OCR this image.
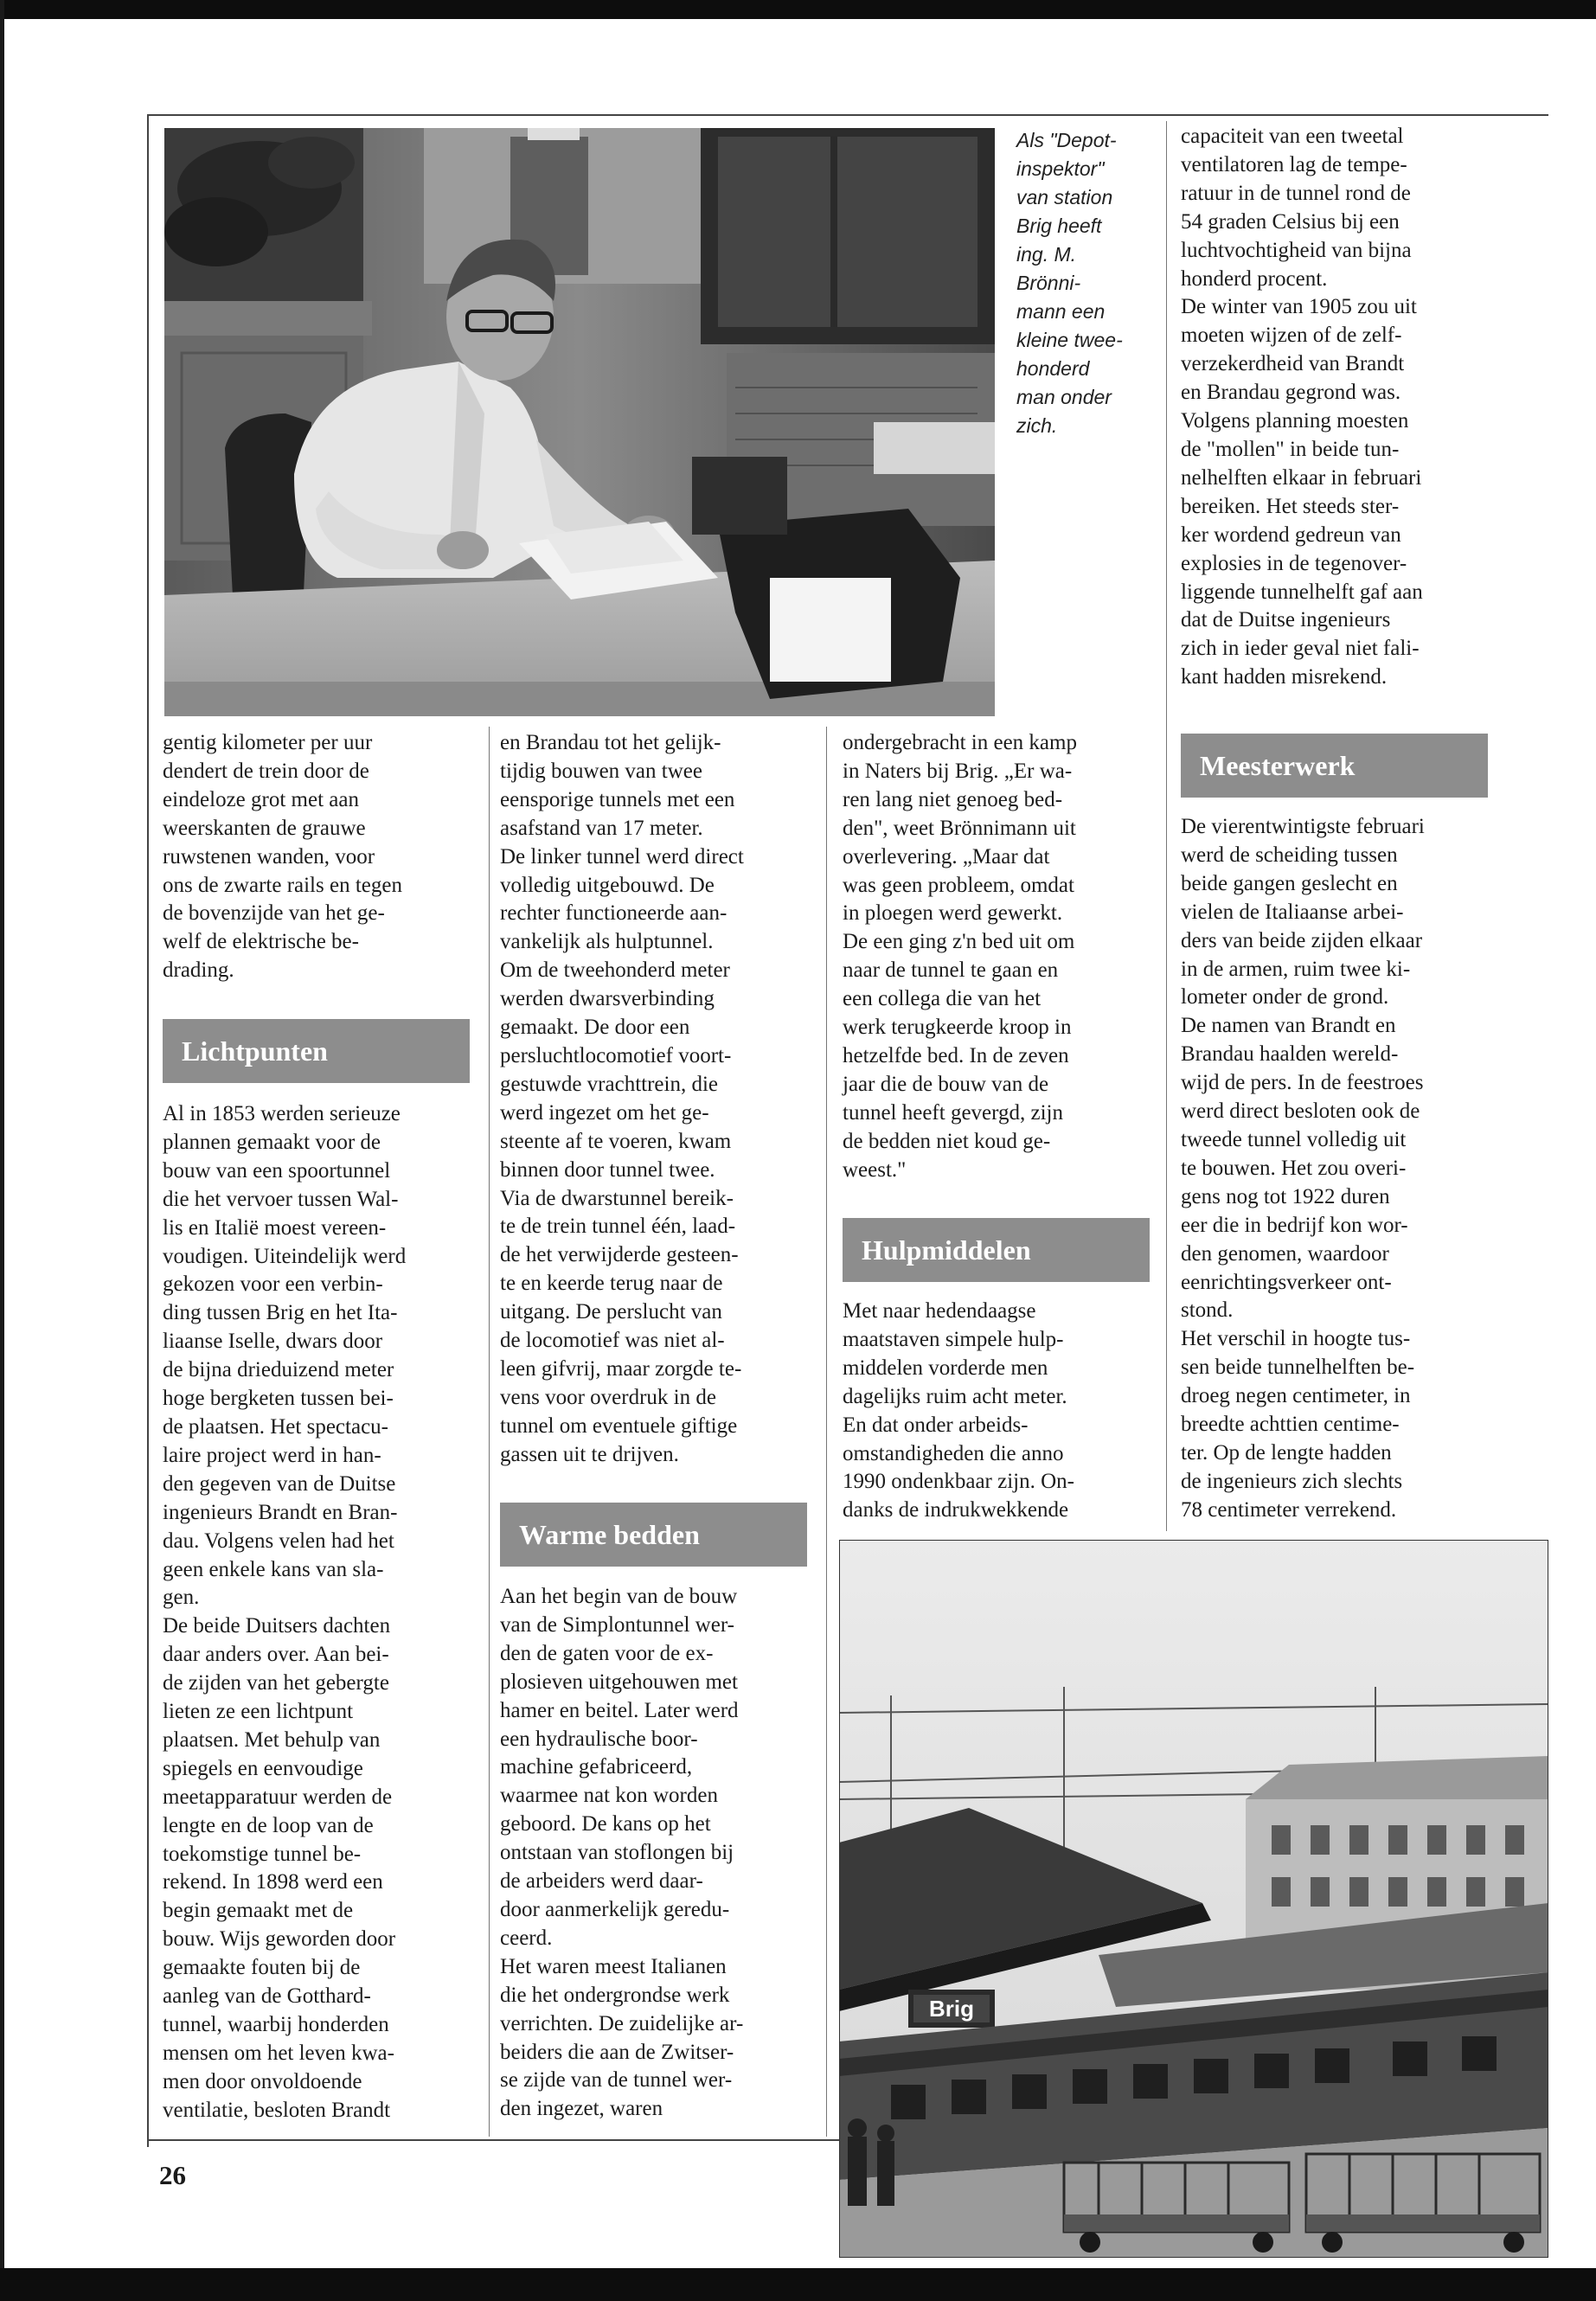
Als "Depot-
inspektor"
van station
Brig heeft
ing. M.
Brönni-
mann een
kleine twee-
honderd
man onder
zich.
capaciteit van een tweetal
ventilatoren lag de tempe-
ratuur in de tunnel rond de
54 graden Celsius bij een
luchtvochtigheid van bijna
honderd procent.
De winter van 1905 zou uit
moeten wijzen of de zelf-
verzekerdheid van Brandt
en Brandau gegrond was.
Volgens planning moesten
de "mollen" in beide tun-
nelhelften elkaar in februari
bereiken. Het steeds ster-
ker wordend gedreun van
explosies in de tegenover-
liggende tunnelhelft gaf aan
dat de Duitse ingenieurs
zich in ieder geval niet fali-
kant hadden misrekend.
gentig kilometer per uur
dendert de trein door de
eindeloze grot met aan
weerskanten de grauwe
ruwstenen wanden, voor
ons de zwarte rails en tegen
de bovenzijde van het ge-
welf de elektrische be-
drading.
Lichtpunten
Al in 1853 werden serieuze
plannen gemaakt voor de
bouw van een spoortunnel
die het vervoer tussen Wal-
lis en Italië moest vereen-
voudigen. Uiteindelijk werd
gekozen voor een verbin-
ding tussen Brig en het Ita-
liaanse Iselle, dwars door
de bijna drieduizend meter
hoge bergketen tussen bei-
de plaatsen. Het spectacu-
laire project werd in han-
den gegeven van de Duitse
ingenieurs Brandt en Bran-
dau. Volgens velen had het
geen enkele kans van sla-
gen.
De beide Duitsers dachten
daar anders over. Aan bei-
de zijden van het gebergte
lieten ze een lichtpunt
plaatsen. Met behulp van
spiegels en eenvoudige
meetapparatuur werden de
lengte en de loop van de
toekomstige tunnel be-
rekend. In 1898 werd een
begin gemaakt met de
bouw. Wijs geworden door
gemaakte fouten bij de
aanleg van de Gotthard-
tunnel, waarbij honderden
mensen om het leven kwa-
men door onvoldoende
ventilatie, besloten Brandt
en Brandau tot het gelijk-
tijdig bouwen van twee
eensporige tunnels met een
asafstand van 17 meter.
De linker tunnel werd direct
volledig uitgebouwd. De
rechter functioneerde aan-
vankelijk als hulptunnel.
Om de tweehonderd meter
werden dwarsverbinding
gemaakt. De door een
persluchtlocomotief voort-
gestuwde vrachttrein, die
werd ingezet om het ge-
steente af te voeren, kwam
binnen door tunnel twee.
Via de dwarstunnel bereik-
te de trein tunnel één, laad-
de het verwijderde gesteen-
te en keerde terug naar de
uitgang. De perslucht van
de locomotief was niet al-
leen gifvrij, maar zorgde te-
vens voor overdruk in de
tunnel om eventuele giftige
gassen uit te drijven.
Warme bedden
Aan het begin van de bouw
van de Simplontunnel wer-
den de gaten voor de ex-
plosieven uitgehouwen met
hamer en beitel. Later werd
een hydraulische boor-
machine gefabriceerd,
waarmee nat kon worden
geboord. De kans op het
ontstaan van stoflongen bij
de arbeiders werd daar-
door aanmerkelijk geredu-
ceerd.
Het waren meest Italianen
die het ondergrondse werk
verrichten. De zuidelijke ar-
beiders die aan de Zwitser-
se zijde van de tunnel wer-
den ingezet, waren
ondergebracht in een kamp
in Naters bij Brig. „Er wa-
ren lang niet genoeg bed-
den", weet Brönnimann uit
overlevering. „Maar dat
was geen probleem, omdat
in ploegen werd gewerkt.
De een ging z'n bed uit om
naar de tunnel te gaan en
een collega die van het
werk terugkeerde kroop in
hetzelfde bed. In de zeven
jaar die de bouw van de
tunnel heeft gevergd, zijn
de bedden niet koud ge-
weest."
Hulpmiddelen
Met naar hedendaagse
maatstaven simpele hulp-
middelen vorderde men
dagelijks ruim acht meter.
En dat onder arbeids-
omstandigheden die anno
1990 ondenkbaar zijn. On-
danks de indrukwekkende
Meesterwerk
De vierentwintigste februari
werd de scheiding tussen
beide gangen geslecht en
vielen de Italiaanse arbei-
ders van beide zijden elkaar
in de armen, ruim twee ki-
lometer onder de grond.
De namen van Brandt en
Brandau haalden wereld-
wijd de pers. In de feestroes
werd direct besloten ook de
tweede tunnel volledig uit
te bouwen. Het zou overi-
gens nog tot 1922 duren
eer die in bedrijf kon wor-
den genomen, waardoor
eenrichtingsverkeer ont-
stond.
Het verschil in hoogte tus-
sen beide tunnelhelften be-
droeg negen centimeter, in
breedte achttien centime-
ter. Op de lengte hadden
de ingenieurs zich slechts
78 centimeter verrekend.
Brig
26
